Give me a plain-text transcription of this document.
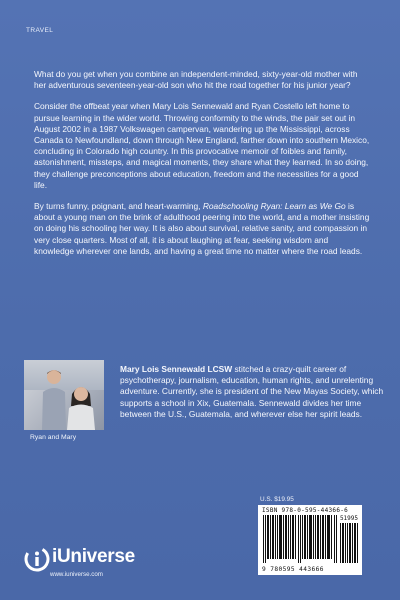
TRAVEL

What do you get when you combine an independent-minded, sixty-year-old mother with her adventurous seventeen-year-old son who hit the road together for his junior year?

Consider the offbeat year when Mary Lois Sennewald and Ryan Costello left home to pursue learning in the wider world. Throwing conformity to the winds, the pair set out in August 2002 in a 1987 Volkswagen campervan, wandering up the Mississippi, across Canada to Newfoundland, down through New England, farther down into southern Mexico, concluding in Colorado high country. In this provocative memoir of foibles and family, astonishment, missteps, and magical moments, they share what they learned. In so doing, they challenge preconceptions about education, freedom and the necessities for a good life.

By turns funny, poignant, and heart-warming, Roadschooling Ryan: Learn as We Go is about a young man on the brink of adulthood peering into the world, and a mother insisting on doing his schooling her way. It is also about survival, relative sanity, and compassion in very close quarters. Most of all, it is about laughing at fear, seeking wisdom and knowledge wherever one lands, and having a great time no matter where the road leads.

Ryan and Mary
Mary Lois Sennewald LCSW stitched a crazy-quilt career of psychotherapy, journalism, education, human rights, and unrelenting adventure. Currently, she is president of the New Mayas Society, which supports a school in Xix, Guatemala. Sennewald divides her time between the U.S., Guatemala, and wherever else her spirit leads.
U.S. $19.95
ISBN 978-0-595-44366-6
51995
9 780595 443666
iUniverse
www.iuniverse.com
